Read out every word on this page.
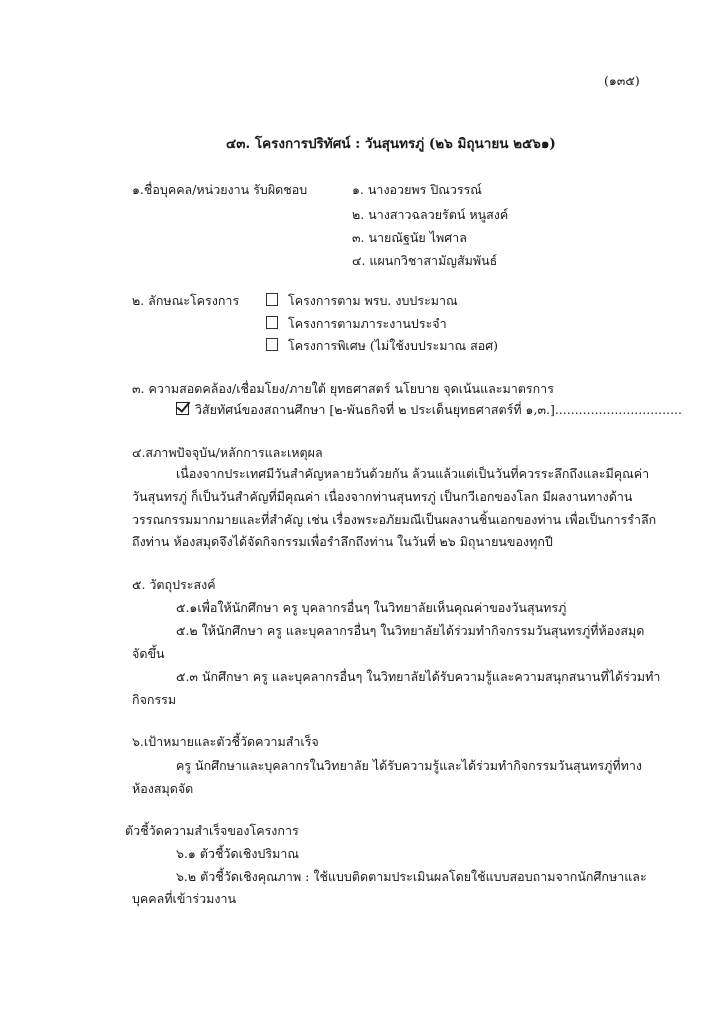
(๑๓๕)
๔๓. โครงการปริทัศน์ : วันสุนทรภู่ (๒๖ มิถุนายน ๒๕๖๑)
๑.ชื่อบุคคล/หน่วยงาน รับผิดชอบ	๑. นางอวยพร ปิณวรรณ์
๒. นางสาวฉลวยรัตน์ หนูสงค์
๓. นายณัฐนัย ไพศาล
๔. แผนกวิชาสามัญสัมพันธ์
๒. ลักษณะโครงการ	โครงการตาม พรบ. งบประมาณ
โครงการตามภาระงานประจำ
โครงการพิเศษ (ไม่ใช้งบประมาณ สอศ)
๓. ความสอดคล้อง/เชื่อมโยง/ภายใต้ ยุทธศาสตร์ นโยบาย จุดเน้นและมาตรการ
วิสัยทัศน์ของสถานศึกษา [๒-พันธกิจที่ ๒ ประเด็นยุทธศาสตร์ที่ ๑,๓.]................................
๔.สภาพปัจจุบัน/หลักการและเหตุผล
เนื่องจากประเทศมีวันสำคัญหลายวันด้วยกัน ล้วนแล้วแต่เป็นวันที่ควรระลึกถึงและมีคุณค่า
วันสุนทรภู่ ก็เป็นวันสำคัญที่มีคุณค่า เนื่องจากท่านสุนทรภู่ เป็นกวีเอกของโลก มีผลงานทางด้าน
วรรณกรรมมากมายและที่สำคัญ เช่น เรื่องพระอภัยมณีเป็นผลงานชิ้นเอกของท่าน เพื่อเป็นการรำลึก
ถึงท่าน ห้องสมุดจึงได้จัดกิจกรรมเพื่อรำลึกถึงท่าน ในวันที่ ๒๖ มิถุนายนของทุกปี
๕. วัตถุประสงค์
๕.๑เพื่อให้นักศึกษา ครู บุคลากรอื่นๆ ในวิทยาลัยเห็นคุณค่าของวันสุนทรภู่
๕.๒ ให้นักศึกษา ครู และบุคลากรอื่นๆ ในวิทยาลัยได้ร่วมทำกิจกรรมวันสุนทรภู่ที่ห้องสมุด
จัดขึ้น
๕.๓ นักศึกษา ครู และบุคลากรอื่นๆ ในวิทยาลัยได้รับความรู้และความสนุกสนานที่ได้ร่วมทำ
กิจกรรม
๖.เป้าหมายและตัวชี้วัดความสำเร็จ
ครู นักศึกษาและบุคลากรในวิทยาลัย ได้รับความรู้และได้ร่วมทำกิจกรรมวันสุนทรภู่ที่ทาง
ห้องสมุดจัด
ตัวชี้วัดความสำเร็จของโครงการ
๖.๑ ตัวชี้วัดเชิงปริมาณ
๖.๒ ตัวชี้วัดเชิงคุณภาพ : ใช้แบบติดตามประเมินผลโดยใช้แบบสอบถามจากนักศึกษาและ
บุคคลที่เข้าร่วมงาน
